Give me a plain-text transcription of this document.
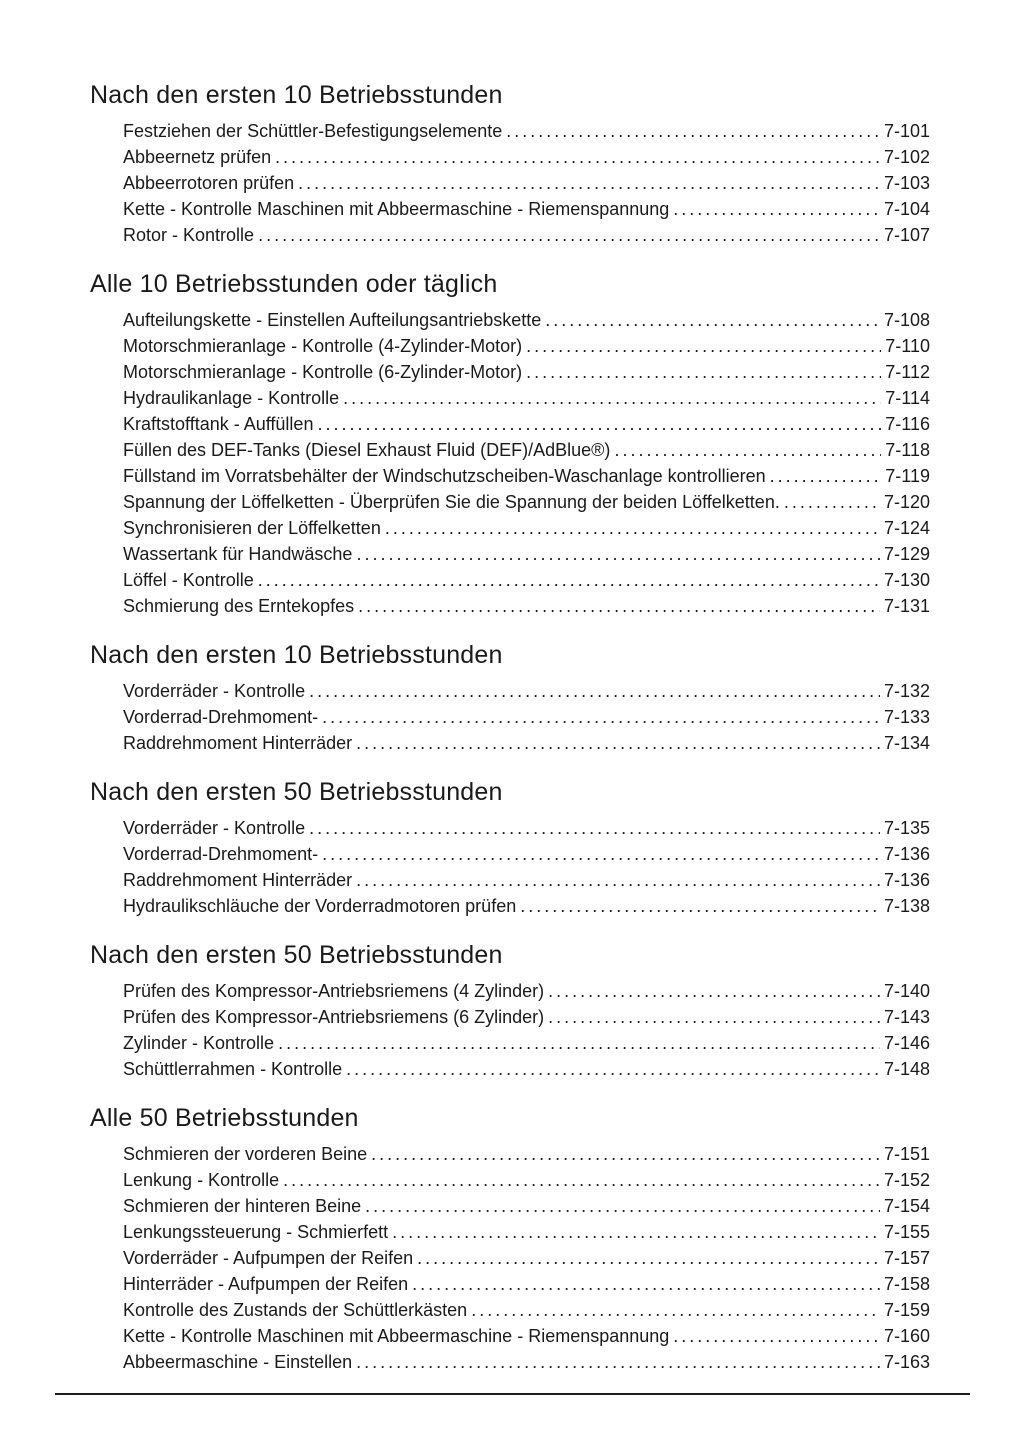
Nach den ersten 10 Betriebsstunden
Festziehen der Schüttler-Befestigungselemente .....	7-101
Abbeernetz prüfen .....	7-102
Abbeerrotoren prüfen .....	7-103
Kette - Kontrolle Maschinen mit Abbeermaschine - Riemenspannung .....	7-104
Rotor - Kontrolle .....	7-107
Alle 10 Betriebsstunden oder täglich
Aufteilungskette - Einstellen Aufteilungsantriebskette .....	7-108
Motorschmieranlage - Kontrolle (4-Zylinder-Motor) .....	7-110
Motorschmieranlage - Kontrolle (6-Zylinder-Motor) .....	7-112
Hydraulikanlage - Kontrolle .....	7-114
Kraftstofftank - Auffüllen .....	7-116
Füllen des DEF-Tanks (Diesel Exhaust Fluid (DEF)/AdBlue®) .....	7-118
Füllstand im Vorratsbehälter der Windschutzscheiben-Waschanlage kontrollieren .....	7-119
Spannung der Löffelketten - Überprüfen Sie die Spannung der beiden Löffelketten. .....	7-120
Synchronisieren der Löffelketten .....	7-124
Wassertank für Handwäsche .....	7-129
Löffel - Kontrolle .....	7-130
Schmierung des Erntekopfes .....	7-131
Nach den ersten 10 Betriebsstunden
Vorderräder - Kontrolle .....	7-132
Vorderrad-Drehmoment- .....	7-133
Raddrehmoment Hinterräder .....	7-134
Nach den ersten 50 Betriebsstunden
Vorderräder - Kontrolle .....	7-135
Vorderrad-Drehmoment- .....	7-136
Raddrehmoment Hinterräder .....	7-136
Hydraulikschläuche der Vorderradmotoren prüfen .....	7-138
Nach den ersten 50 Betriebsstunden
Prüfen des Kompressor-Antriebsriemens (4 Zylinder) .....	7-140
Prüfen des Kompressor-Antriebsriemens (6 Zylinder) .....	7-143
Zylinder - Kontrolle .....	7-146
Schüttlerrahmen - Kontrolle .....	7-148
Alle 50 Betriebsstunden
Schmieren der vorderen Beine .....	7-151
Lenkung - Kontrolle .....	7-152
Schmieren der hinteren Beine .....	7-154
Lenkungssteuerung - Schmierfett .....	7-155
Vorderräder - Aufpumpen der Reifen .....	7-157
Hinterräder - Aufpumpen der Reifen .....	7-158
Kontrolle des Zustands der Schüttlerkästen .....	7-159
Kette - Kontrolle Maschinen mit Abbeermaschine - Riemenspannung .....	7-160
Abbeermaschine - Einstellen .....	7-163
